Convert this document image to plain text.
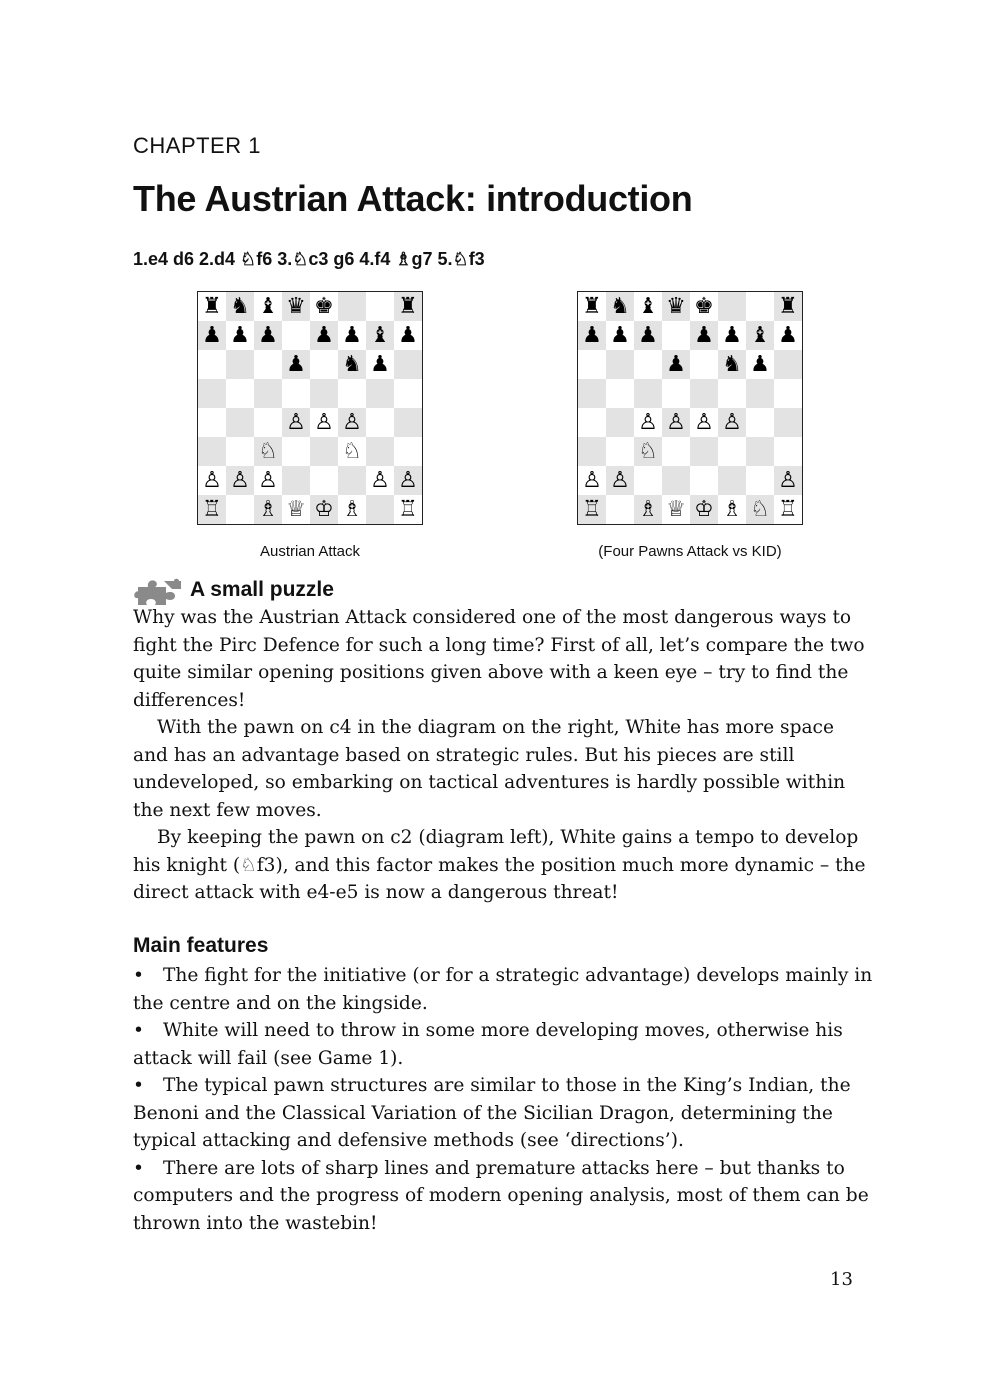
CHAPTER 1
The Austrian Attack: introduction
1.e4 d6 2.d4 ♘f6 3.♘c3 g6 4.f4 ♗g7 5.♘f3
♜ ♞ ♝ ♛ ♚	♜
♟ ♟ ♟ ♟ ♟ ♝ ♟
♟ ♞ ♟
♙ ♙ ♙
♘	♘
♙ ♙ ♙	♙ ♙
♖ ♗ ♕ ♔ ♗ ♖
♜ ♞ ♝ ♛ ♚	♜
♟ ♟ ♟ ♟ ♟ ♝ ♟
♟ ♞ ♟
♙ ♙ ♙ ♙
♘
♙ ♙	♙
♖ ♗ ♕ ♔ ♗ ♘ ♖
Austrian Attack	(Four Pawns Attack vs KID)
A small puzzle

Why was the Austrian Attack considered one of the most dangerous ways to fight the Pirc Defence for such a long time? First of all, let’s compare the two quite similar opening positions given above with a keen eye – try to find the differences!

With the pawn on c4 in the diagram on the right, White has more space and has an advantage based on strategic rules. But his pieces are still undeveloped, so embarking on tactical adventures is hardly possible within the next few moves.

By keeping the pawn on c2 (diagram left), White gains a tempo to develop his knight (♘f3), and this factor makes the position much more dynamic – the direct attack with e4-e5 is now a dangerous threat!

Main features

• The fight for the initiative (or for a strategic advantage) develops mainly in the centre and on the kingside.

• White will need to throw in some more developing moves, otherwise his attack will fail (see Game 1).

• The typical pawn structures are similar to those in the King’s Indian, the Benoni and the Classical Variation of the Sicilian Dragon, determining the typical attacking and defensive methods (see ‘directions’).

• There are lots of sharp lines and premature attacks here – but thanks to computers and the progress of modern opening analysis, most of them can be thrown into the wastebin!

13
